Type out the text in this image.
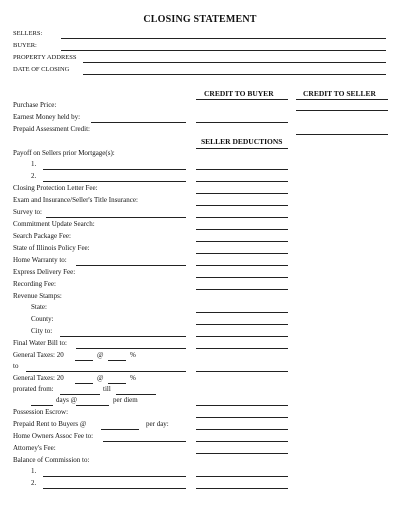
CLOSING STATEMENT
SELLERS:
BUYER:
PROPERTY ADDRESS
DATE OF CLOSING
CREDIT TO BUYER	CREDIT TO SELLER
Purchase Price:
Earnest Money held by:
Prepaid Assessment Credit:
SELLER DEDUCTIONS
Payoff on Sellers prior Mortgage(s):
1.
2.
Closing Protection Letter Fee:
Exam and Insurance/Seller's Title Insurance:
Survey to:
Commitment Update Search:
Search Package Fee:
State of Illinois Policy Fee:
Home Warranty to:
Express Delivery Fee:
Recording Fee:
Revenue Stamps:
State:
County:
City to:
Final Water Bill to:
General Taxes: 20	@	%
to
General Taxes: 20	@	%
prorated from:	till
days @	per diem
Possession Escrow:
Prepaid Rent to Buyers @	per day:
Home Owners Assoc Fee to:
Attorney's Fee:
Balance of Commission to:
1.
2.
